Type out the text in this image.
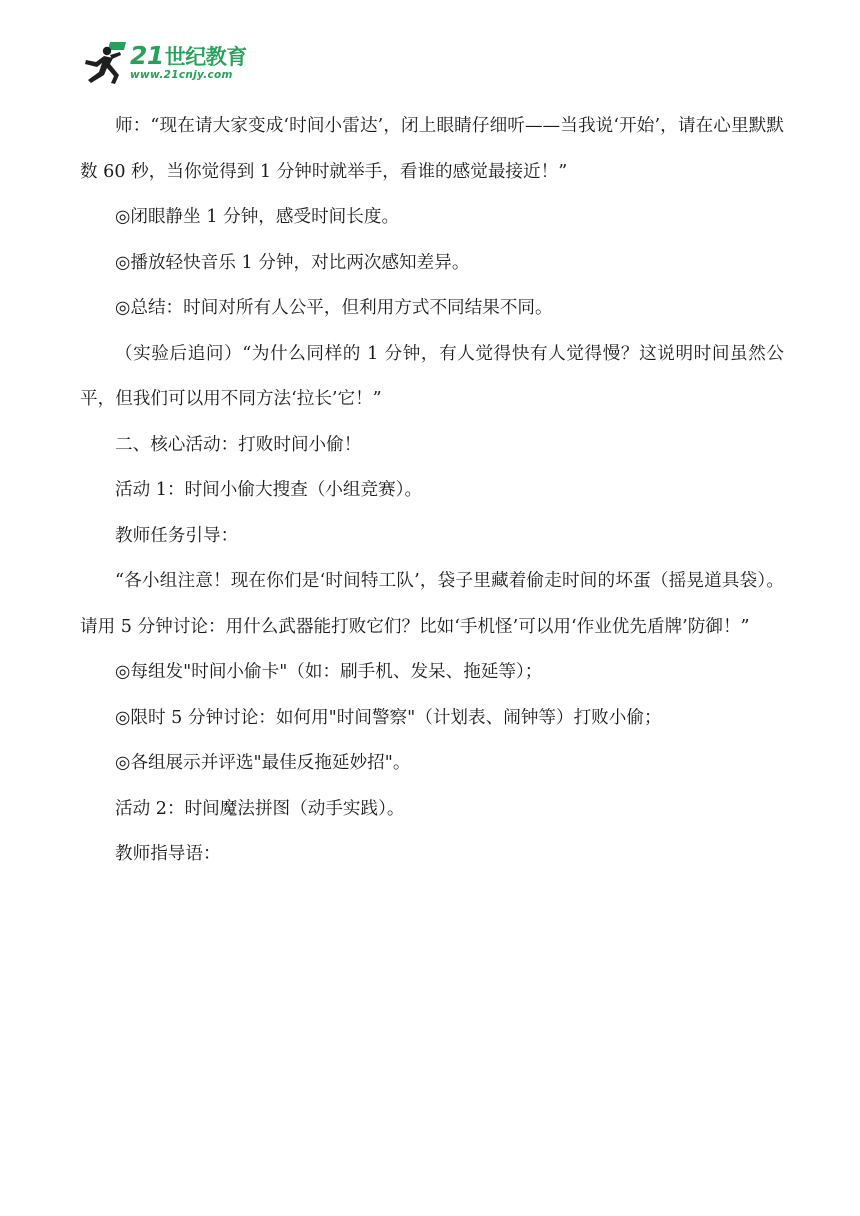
21世纪教育
www.21cnjy.com

师：“现在请大家变成‘时间小雷达’，闭上眼睛仔细听——当我说‘开始’，请在心里默默数 60 秒，当你觉得到 1 分钟时就举手，看谁的感觉最接近！”

◎闭眼静坐 1 分钟，感受时间长度。

◎播放轻快音乐 1 分钟，对比两次感知差异。

◎总结：时间对所有人公平，但利用方式不同结果不同。

（实验后追问）“为什么同样的 1 分钟，有人觉得快有人觉得慢？这说明时间虽然公平，但我们可以用不同方法‘拉长’它！”

二、核心活动：打败时间小偷！

活动 1：时间小偷大搜查（小组竞赛）。

教师任务引导：

“各小组注意！现在你们是‘时间特工队’，袋子里藏着偷走时间的坏蛋（摇晃道具袋）。请用 5 分钟讨论：用什么武器能打败它们？比如‘手机怪’可以用‘作业优先盾牌’防御！”

◎每组发"时间小偷卡"（如：刷手机、发呆、拖延等）；

◎限时 5 分钟讨论：如何用"时间警察"（计划表、闹钟等）打败小偷；

◎各组展示并评选"最佳反拖延妙招"。

活动 2：时间魔法拼图（动手实践）。

教师指导语：
